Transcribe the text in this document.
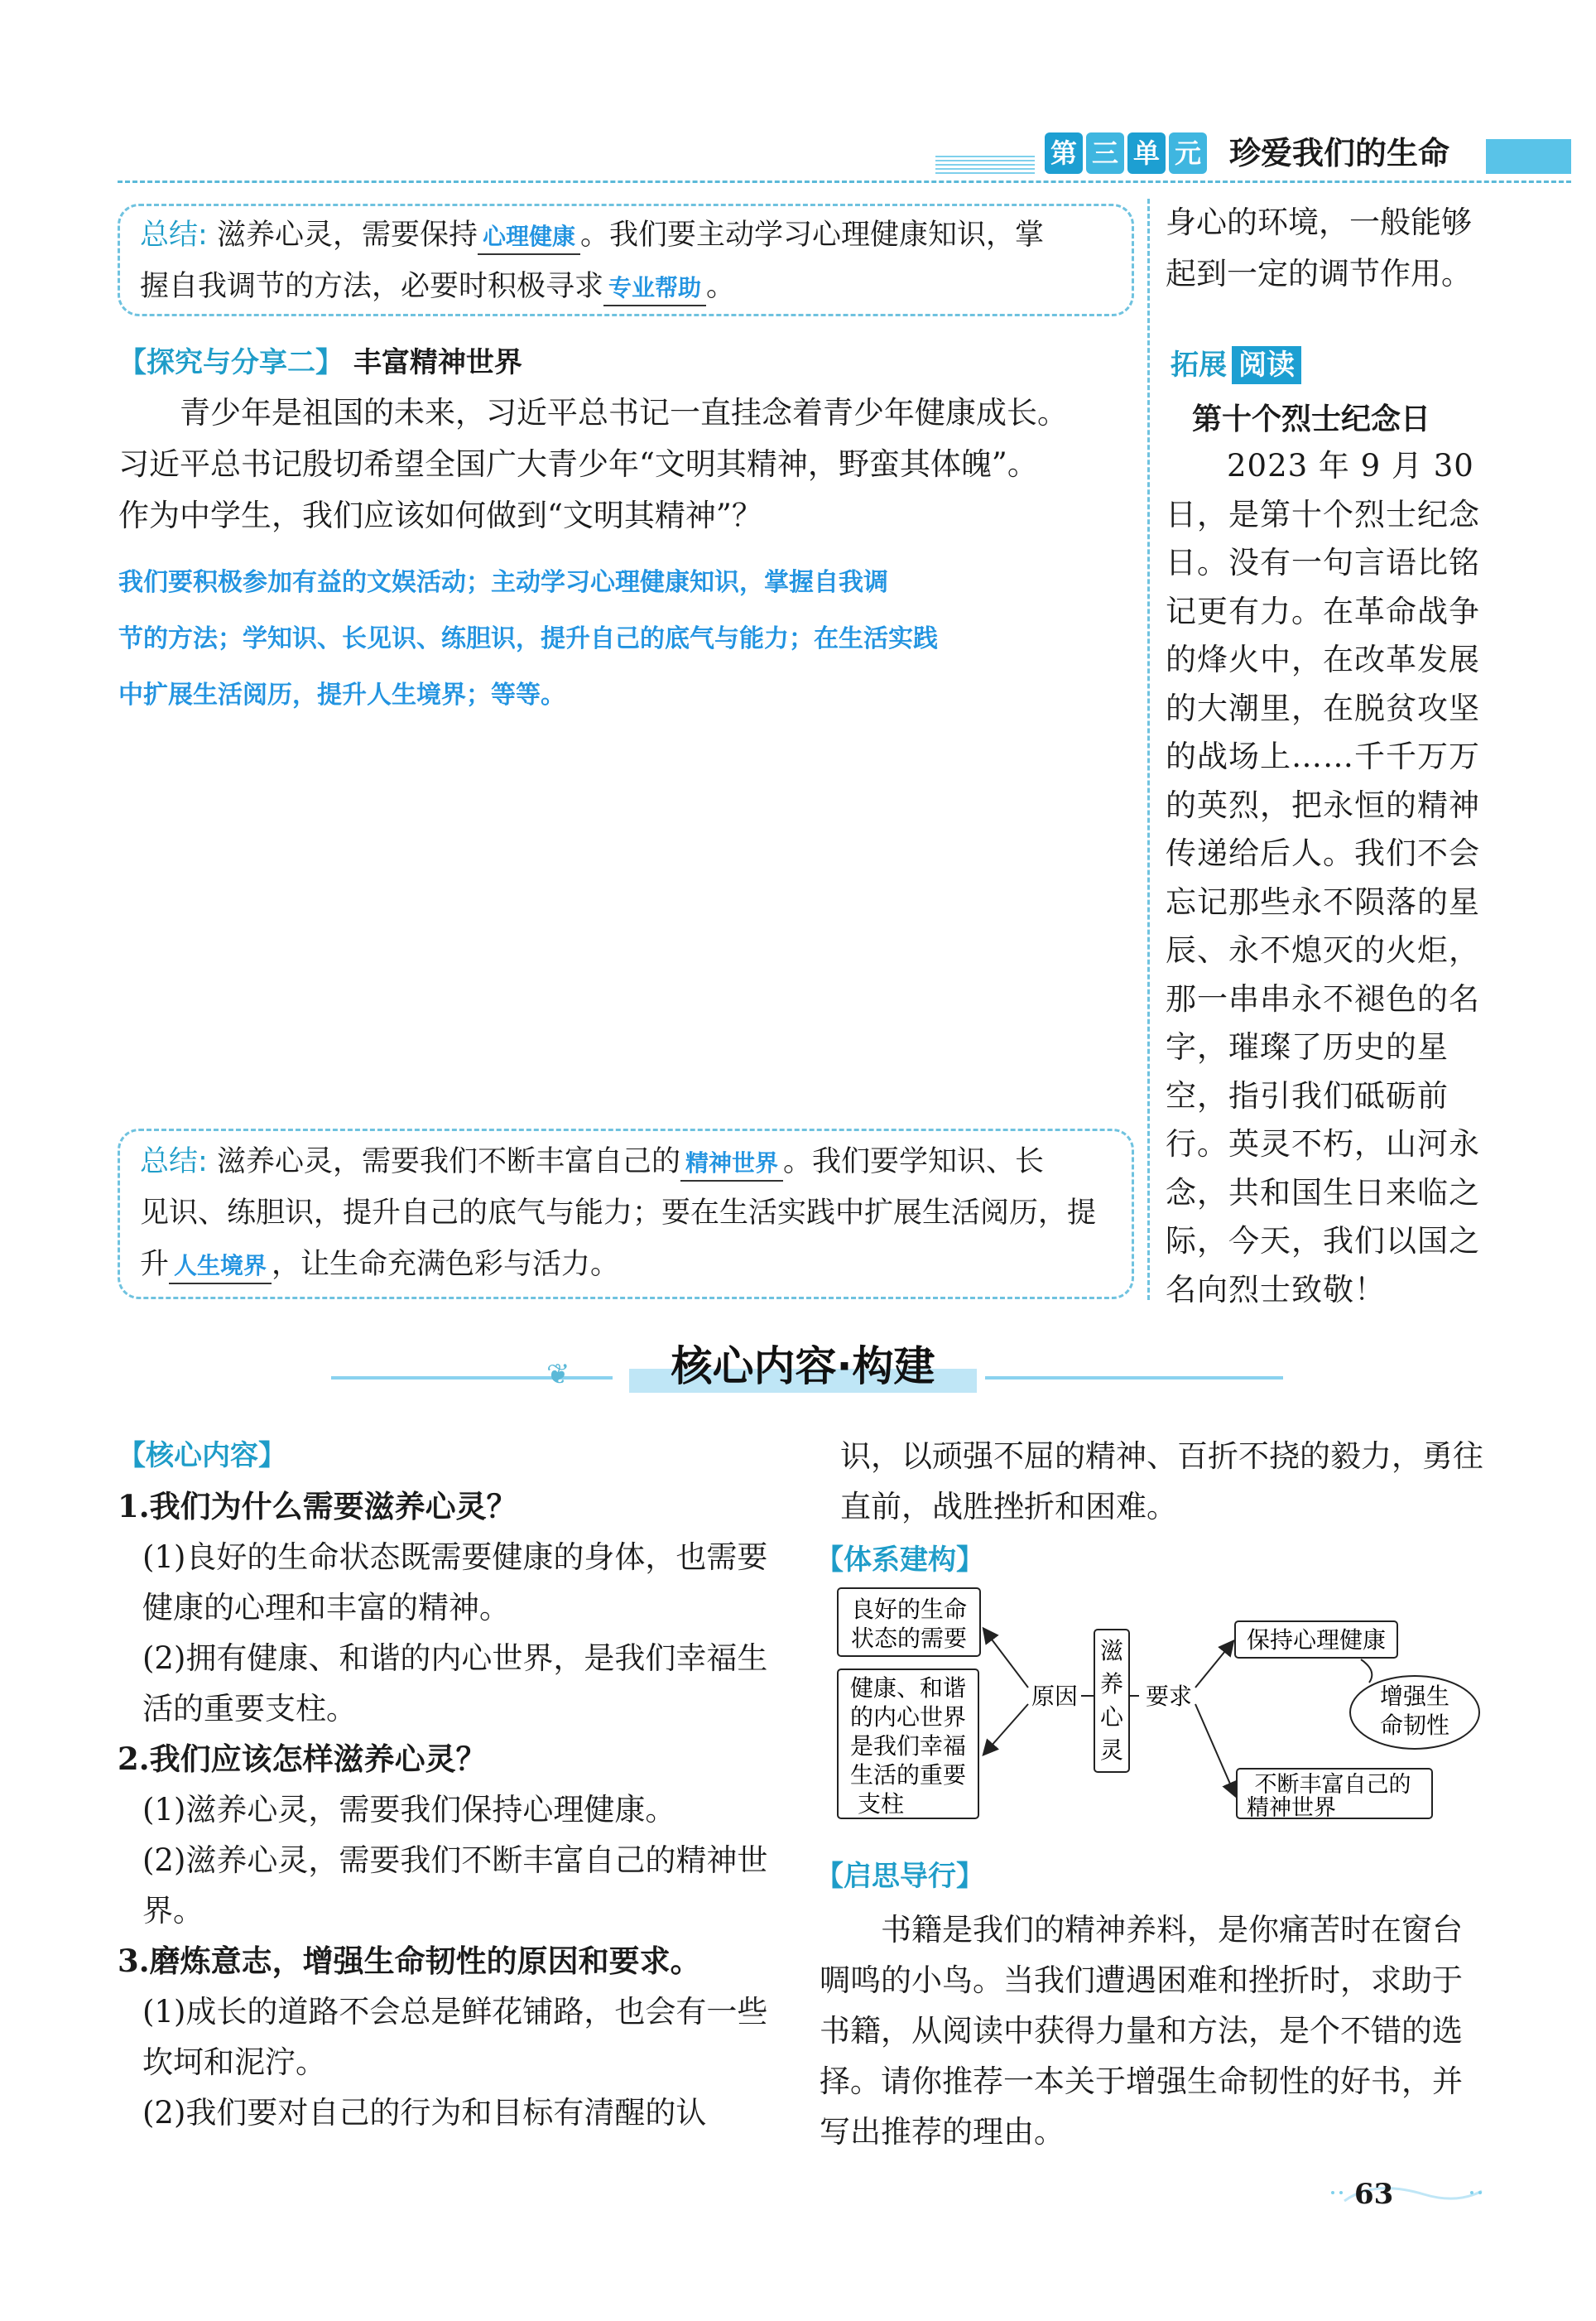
第 三 单 元 珍爱我们的生命
总结: 滋养心灵，需要保持 心理健康 。我们要主动学习心理健康知识，掌
握自我调节的方法，必要时积极寻求 专业帮助 。
【探究与分享二】 丰富精神世界
青少年是祖国的未来，习近平总书记一直挂念着青少年健康成长。
习近平总书记殷切希望全国广大青少年“文明其精神，野蛮其体魄”。
作为中学生，我们应该如何做到“文明其精神”？
我们要积极参加有益的文娱活动；主动学习心理健康知识，掌握自我调
节的方法；学知识、长见识、练胆识，提升自己的底气与能力；在生活实践
中扩展生活阅历，提升人生境界；等等。
总结: 滋养心灵，需要我们不断丰富自己的 精神世界 。我们要学知识、长
见识、练胆识，提升自己的底气与能力；要在生活实践中扩展生活阅历，提
升 人生境界 ，让生命充满色彩与活力。
身心的环境，一般能够
起到一定的调节作用。
拓展 阅读
第十个烈士纪念日
2023 年 9 月 30 日，是第十个烈士纪念日。没有一句言语比铭记更有力。在革命战争的烽火中，在改革发展的大潮里，在脱贫攻坚的战场上……千千万万的英烈，把永恒的精神传递给后人。我们不会忘记那些永不陨落的星辰、永不熄灭的火炬，那一串串永不褪色的名字，璀璨了历史的星空，指引我们砥砺前行。英灵不朽，山河永念，共和国生日来临之际，今天，我们以国之名向烈士致敬！
❦	核心内容·构建
【核心内容】
1.我们为什么需要滋养心灵？
(1)良好的生命状态既需要健康的身体，也需要健康的心理和丰富的精神。
(2)拥有健康、和谐的内心世界，是我们幸福生活的重要支柱。
2.我们应该怎样滋养心灵？
(1)滋养心灵，需要我们保持心理健康。
(2)滋养心灵，需要我们不断丰富自己的精神世界。
3.磨炼意志，增强生命韧性的原因和要求。
(1)成长的道路不会总是鲜花铺路，也会有一些坎坷和泥泞。
(2)我们要对自己的行为和目标有清醒的认
识，以顽强不屈的精神、百折不挠的毅力，勇往直前，战胜挫折和困难。
【体系建构】
良好的生命
状态的需要
健康、和谐
的内心世界
是我们幸福
生活的重要
支柱
原因
滋
养
心
灵
要求
保持心理健康
增强生
命韧性
不断丰富自己的
精神世界
【启思导行】
书籍是我们的精神养料，是你痛苦时在窗台啁鸣的小鸟。当我们遭遇困难和挫折时，求助于书籍，从阅读中获得力量和方法，是个不错的选择。请你推荐一本关于增强生命韧性的好书，并写出推荐的理由。
63
